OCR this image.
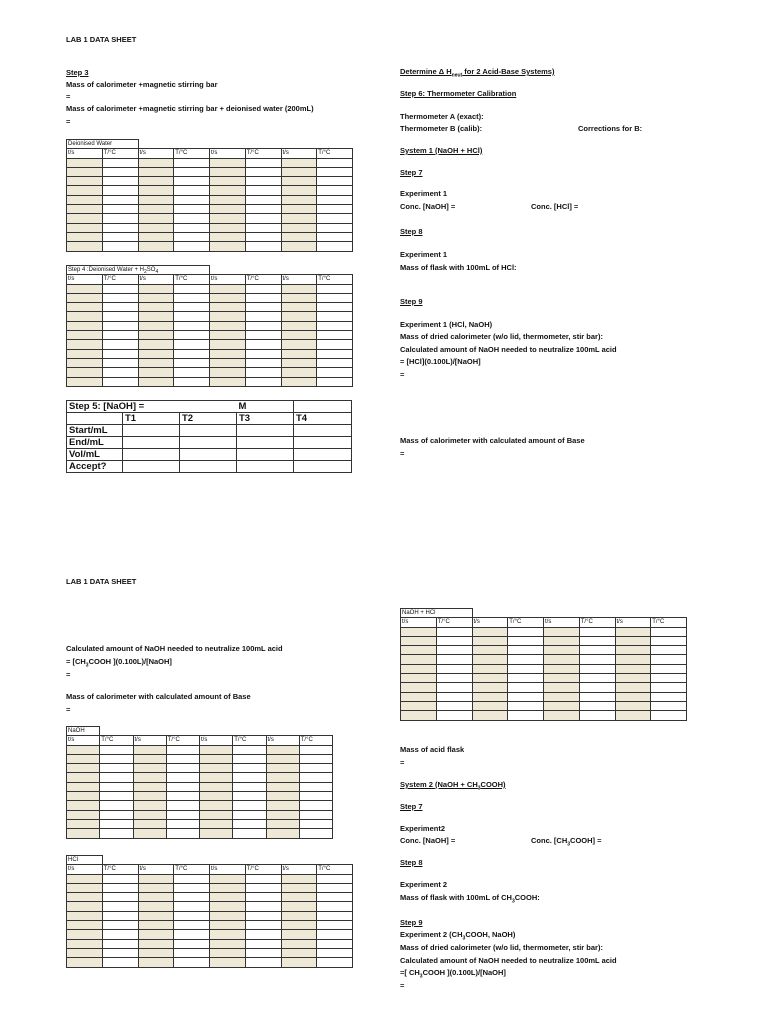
LAB 1 DATA SHEET
Step 3
Mass of calorimeter +magnetic stirring bar
=
Mass of calorimeter +magnetic stirring bar + deionised water (200mL)
=
Deionised Water							
t/s	T/°C	t/s	T/°C	t/s	T/°C	t/s	T/°C

Step 4 :Deionised Water + $H_2SO_4$	
t/s	T/°C	t/s	T/°C	t/s	T/°C	t/s	T/°C

Step 5: [NaOH] =			M	
	T1	T2	T3	T4
Start/mL				
End/mL				
Vol/mL				
Accept?				
Determine Δ $H_{neut}$ for 2 Acid-Base Systems)
Step 6: Thermometer Calibration
Thermometer A (exact):
Thermometer B (calib):	Corrections for B:
System 1 (NaOH + HCl)
Step 7
Experiment 1
Conc. [NaOH] =	Conc. [HCl] =
Step 8
Experiment 1
Mass of flask with 100mL of HCl:
Step 9
Experiment 1 (HCl, NaOH)
Mass of dried calorimeter (w/o lid, thermometer, stir bar):
Calculated amount of NaOH needed to neutralize 100mL acid
= [HCl](0.100L)/[NaOH]
=
Mass of calorimeter with calculated amount of Base
=
LAB 1 DATA SHEET
Calculated amount of NaOH needed to neutralize 100mL acid
= [$CH_3COOH$ ](0.100L)/[NaOH]
=
Mass of calorimeter with calculated amount of Base
=
NaOH							
t/s	T/°C	t/s	T/°C	t/s	T/°C	t/s	T/°C

HCl							
t/s	T/°C	t/s	T/°C	t/s	T/°C	t/s	T/°C

NaOH + HCl							
t/s	T/°C	t/s	T/°C	t/s	T/°C	t/s	T/°C

Mass of acid flask
=
System 2 (NaOH + $CH_3COOH$)
Step 7
Experiment2
Conc. [NaOH] =	Conc. $[CH_3COOH]$ =
Step 8
Experiment 2
Mass of flask with 100mL of $CH_3COOH$:
Step 9
Experiment 2 ($CH_3COOH$, NaOH)
Mass of dried calorimeter (w/o lid, thermometer, stir bar):
Calculated amount of NaOH needed to neutralize 100mL acid
=[ $CH_3COOH$ ](0.100L)/[NaOH]
=
